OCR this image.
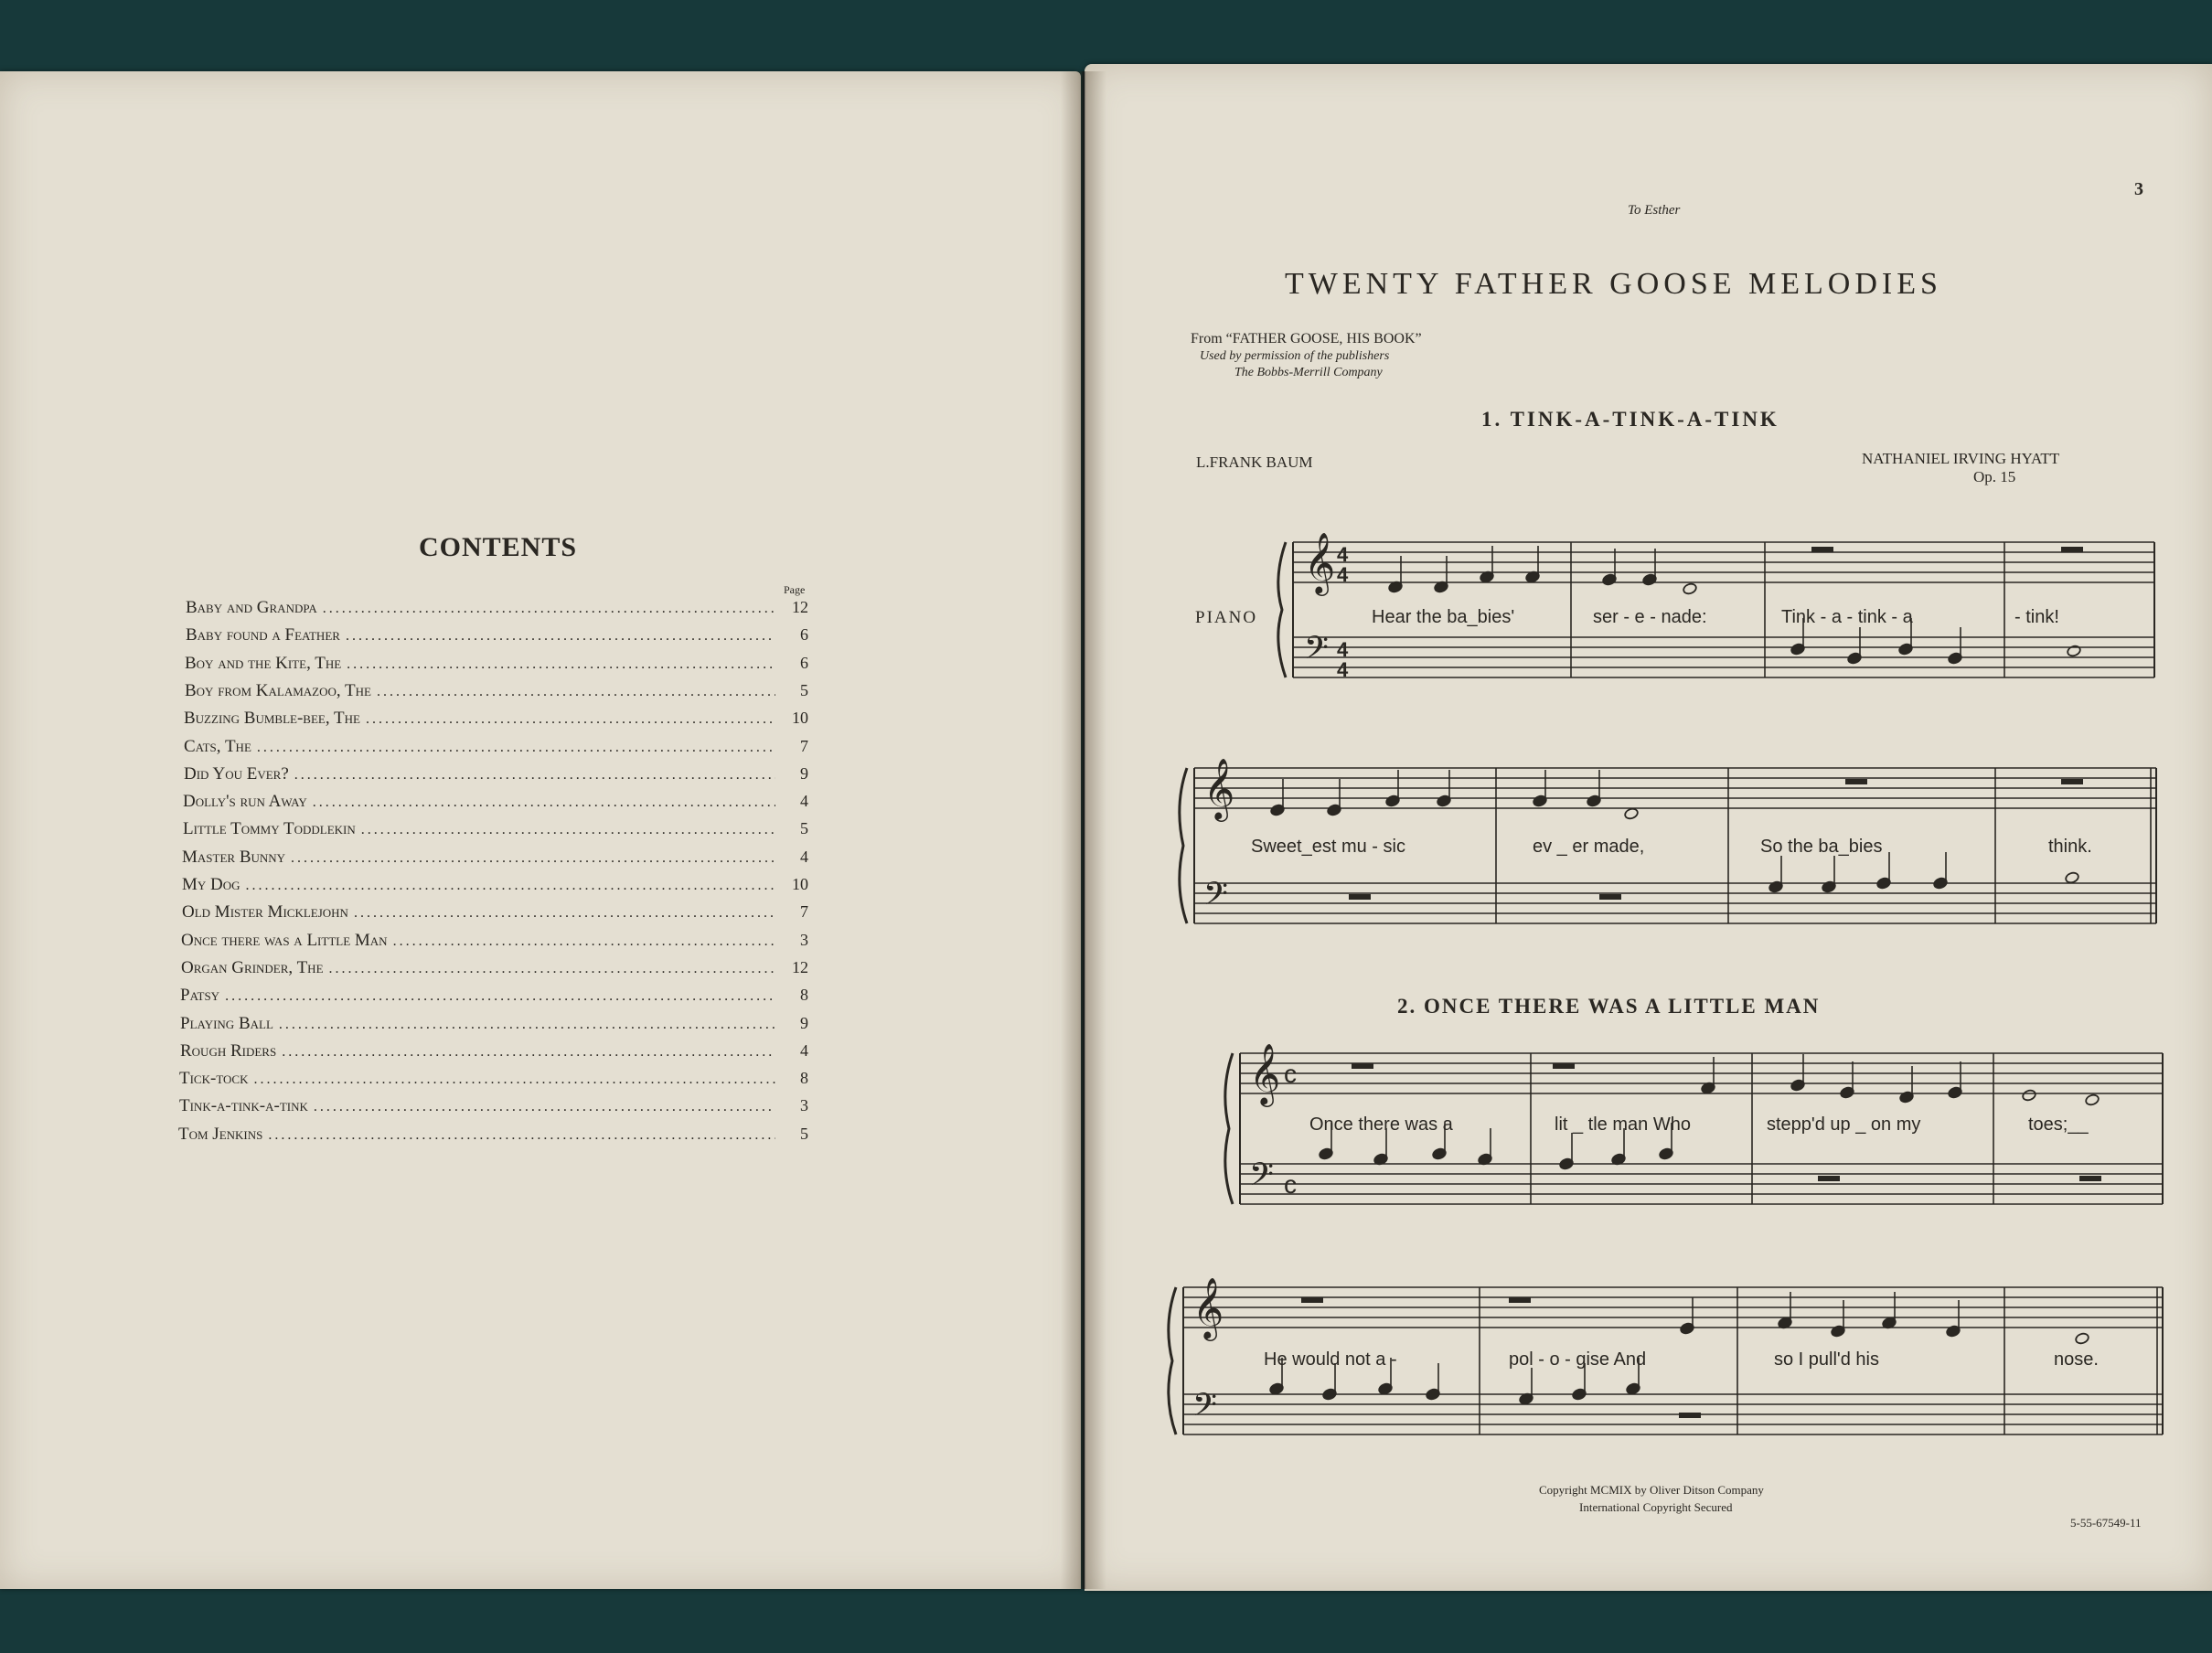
CONTENTS
Page
Baby and Grandpa .....	12
Baby found a Feather .....	6
Boy and the Kite, The .....	6
Boy from Kalamazoo, The .....	5
Buzzing Bumble-bee, The .....	10
Cats, The .....	7
Did You Ever? .....	9
Dolly's run Away .....	4
Little Tommy Toddlekin .....	5
Master Bunny .....	4
My Dog .....	10
Old Mister Micklejohn .....	7
Once there was a Little Man .....	3
Organ Grinder, The .....	12
Patsy .....	8
Playing Ball .....	9
Rough Riders .....	4
Tick-tock .....	8
Tink-a-tink-a-tink .....	3
Tom Jenkins .....	5
3
To Esther
TWENTY FATHER GOOSE MELODIES
From “FATHER GOOSE, HIS BOOK”
Used by permission of the publishers
The Bobbs-Merrill Company
1. TINK-A-TINK-A-TINK
L.FRANK BAUM	NATHANIEL IRVING HYATT
Op. 15
PIANO
2. ONCE THERE WAS A LITTLE MAN
Copyright MCMIX by Oliver Ditson Company
International Copyright Secured
5-55-67549-11
𝄞
𝄢
4
4
4
4
𝄞
𝄢
𝄞
𝄢
c
c
𝄞
𝄢
Hear the ba_bies'	ser - e - nade:	Tink - a - tink - a	- tink!
Sweet_est mu - sic	ev _ er made,	So the ba_bies	think.
Once there was a	lit _ tle man Who	stepp'd up _ on my	toes;__
He would not a -	pol - o - gise And	so I pull'd his	nose.
